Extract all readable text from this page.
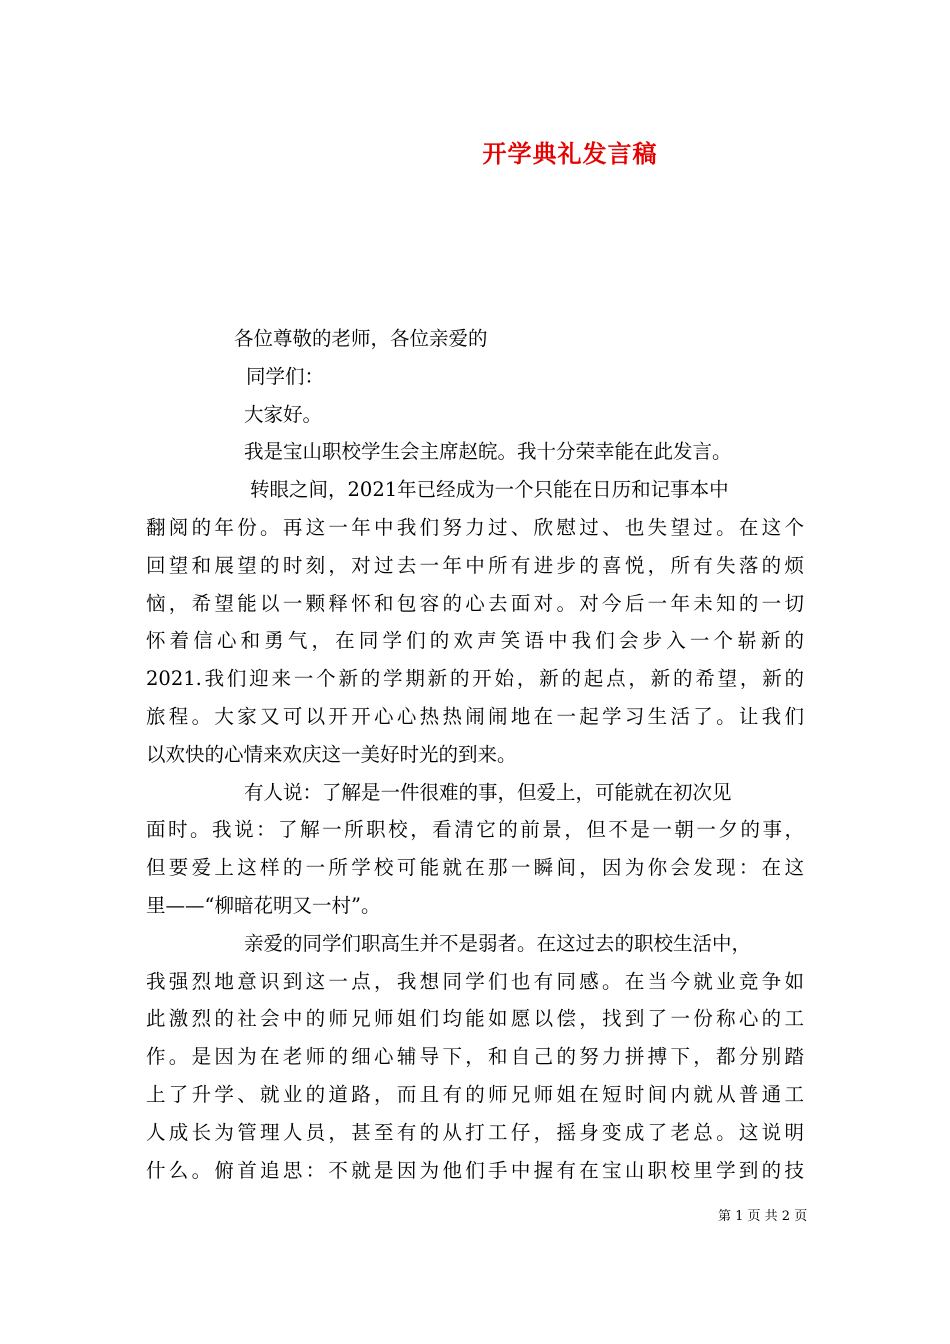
开学典礼发言稿
各位尊敬的老师，各位亲爱的
同学们：
大家好。
我是宝山职校学生会主席赵皖。我十分荣幸能在此发言。
转眼之间，2021年已经成为一个只能在日历和记事本中
翻阅的年份。再这一年中我们努力过、欣慰过、也失望过。在这个
回望和展望的时刻，对过去一年中所有进步的喜悦，所有失落的烦
恼，希望能以一颗释怀和包容的心去面对。对今后一年未知的一切
怀着信心和勇气，在同学们的欢声笑语中我们会步入一个崭新的
2021.我们迎来一个新的学期新的开始，新的起点，新的希望，新的
旅程。大家又可以开开心心热热闹闹地在一起学习生活了。让我们
以欢快的心情来欢庆这一美好时光的到来。
有人说：了解是一件很难的事，但爱上，可能就在初次见
面时。我说：了解一所职校，看清它的前景，但不是一朝一夕的事，
但要爱上这样的一所学校可能就在那一瞬间，因为你会发现：在这
里——“柳暗花明又一村”。
亲爱的同学们职高生并不是弱者。在这过去的职校生活中，
我强烈地意识到这一点，我想同学们也有同感。在当今就业竞争如
此激烈的社会中的师兄师姐们均能如愿以偿，找到了一份称心的工
作。是因为在老师的细心辅导下，和自己的努力拼搏下，都分别踏
上了升学、就业的道路，而且有的师兄师姐在短时间内就从普通工
人成长为管理人员，甚至有的从打工仔，摇身变成了老总。这说明
什么。俯首追思：不就是因为他们手中握有在宝山职校里学到的技
第 1 页 共 2 页
